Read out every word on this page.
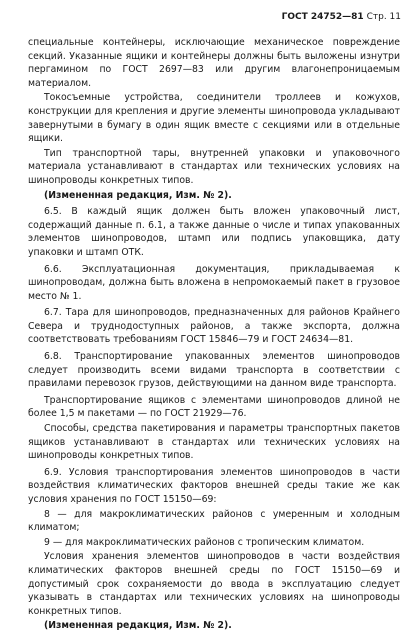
ГОСТ 24752—81 Стр. 11

специальные контейнеры, исключающие механическое повреждение секций. Указанные ящики и контейнеры должны быть выложены изнутри пергамином по ГОСТ 2697—83 или другим влагонепроницаемым материалом.

Токосъемные устройства, соединители троллеев и кожухов, конструкции для крепления и другие элементы шинопровода укладывают завернутыми в бумагу в один ящик вместе с секциями или в отдельные ящики.

Тип транспортной тары, внутренней упаковки и упаковочного материала устанавливают в стандартах или технических условиях на шинопроводы конкретных типов.

(Измененная редакция, Изм. № 2).

6.5. В каждый ящик должен быть вложен упаковочный лист, содержащий данные п. 6.1, а также данные о числе и типах упакованных элементов шинопроводов, штамп или подпись упаковщика, дату упаковки и штамп ОТК.

6.6. Эксплуатационная документация, прикладываемая к шинопроводам, должна быть вложена в непромокаемый пакет в грузовое место № 1.

6.7. Тара для шинопроводов, предназначенных для районов Крайнего Севера и труднодоступных районов, а также экспорта, должна соответствовать требованиям ГОСТ 15846—79 и ГОСТ 24634—81.

6.8. Транспортирование упакованных элементов шинопроводов следует производить всеми видами транспорта в соответствии с правилами перевозок грузов, действующими на данном виде транспорта.

Транспортирование ящиков с элементами шинопроводов длиной не более 1,5 м пакетами — по ГОСТ 21929—76.

Способы, средства пакетирования и параметры транспортных пакетов ящиков устанавливают в стандартах или технических условиях на шинопроводы конкретных типов.

6.9. Условия транспортирования элементов шинопроводов в части воздействия климатических факторов внешней среды такие же как условия хранения по ГОСТ 15150—69:

8 — для макроклиматических районов с умеренным и холодным климатом;

9 — для макроклиматических районов с тропическим климатом.

Условия хранения элементов шинопроводов в части воздействия климатических факторов внешней среды по ГОСТ 15150—69 и допустимый срок сохраняемости до ввода в эксплуатацию следует указывать в стандартах или технических условиях на шинопроводы конкретных типов.

(Измененная редакция, Изм. № 2).
